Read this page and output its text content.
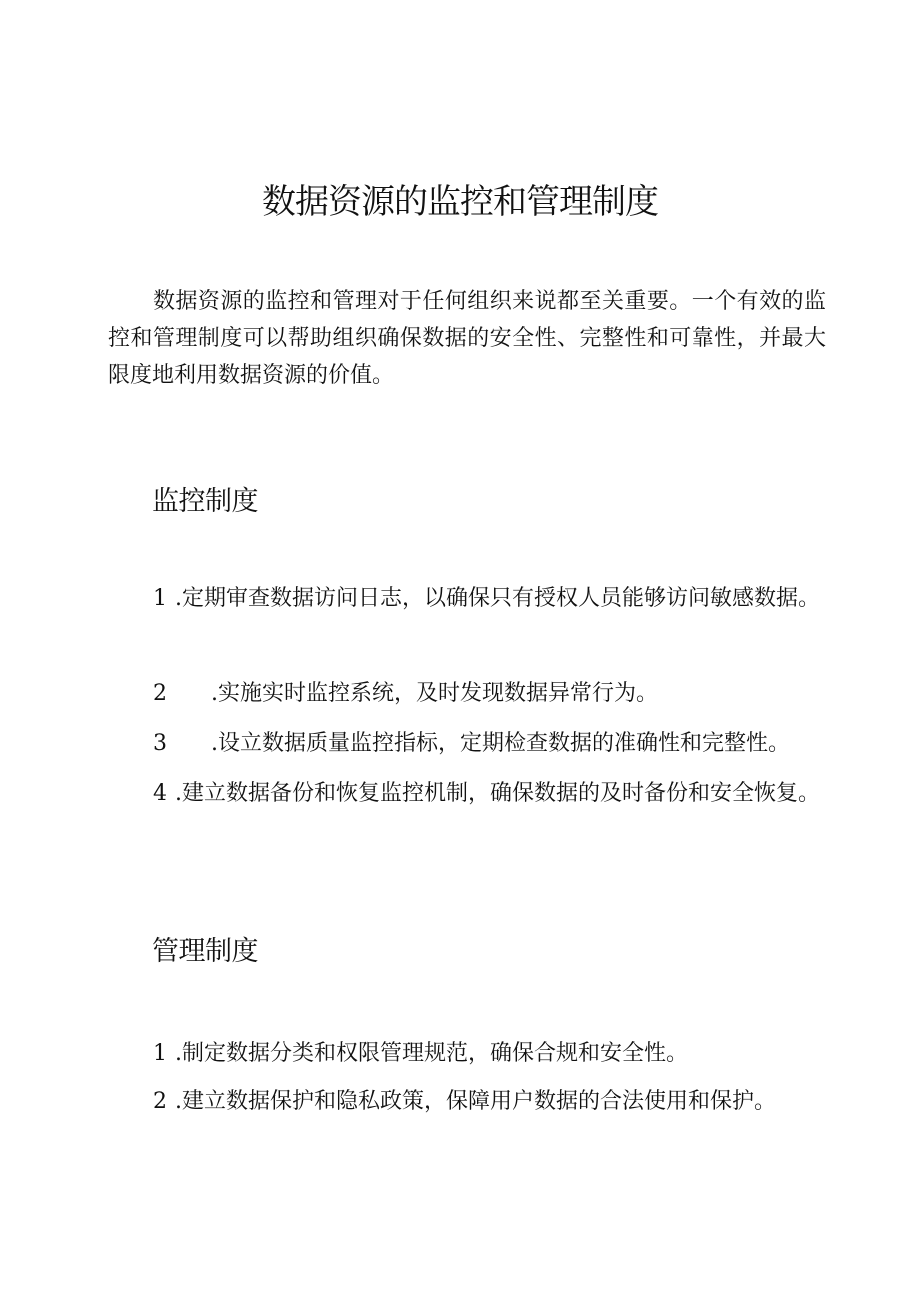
数据资源的监控和管理制度

数据资源的监控和管理对于任何组织来说都至关重要。一个有效的监控和管理制度可以帮助组织确保数据的安全性、完整性和可靠性，并最大限度地利用数据资源的价值。

监控制度

1 .定期审查数据访问日志，以确保只有授权人员能够访问敏感数据。

2 .实施实时监控系统，及时发现数据异常行为。

3 .设立数据质量监控指标，定期检查数据的准确性和完整性。

4 .建立数据备份和恢复监控机制，确保数据的及时备份和安全恢复。

管理制度

1 .制定数据分类和权限管理规范，确保合规和安全性。

2 .建立数据保护和隐私政策，保障用户数据的合法使用和保护。
